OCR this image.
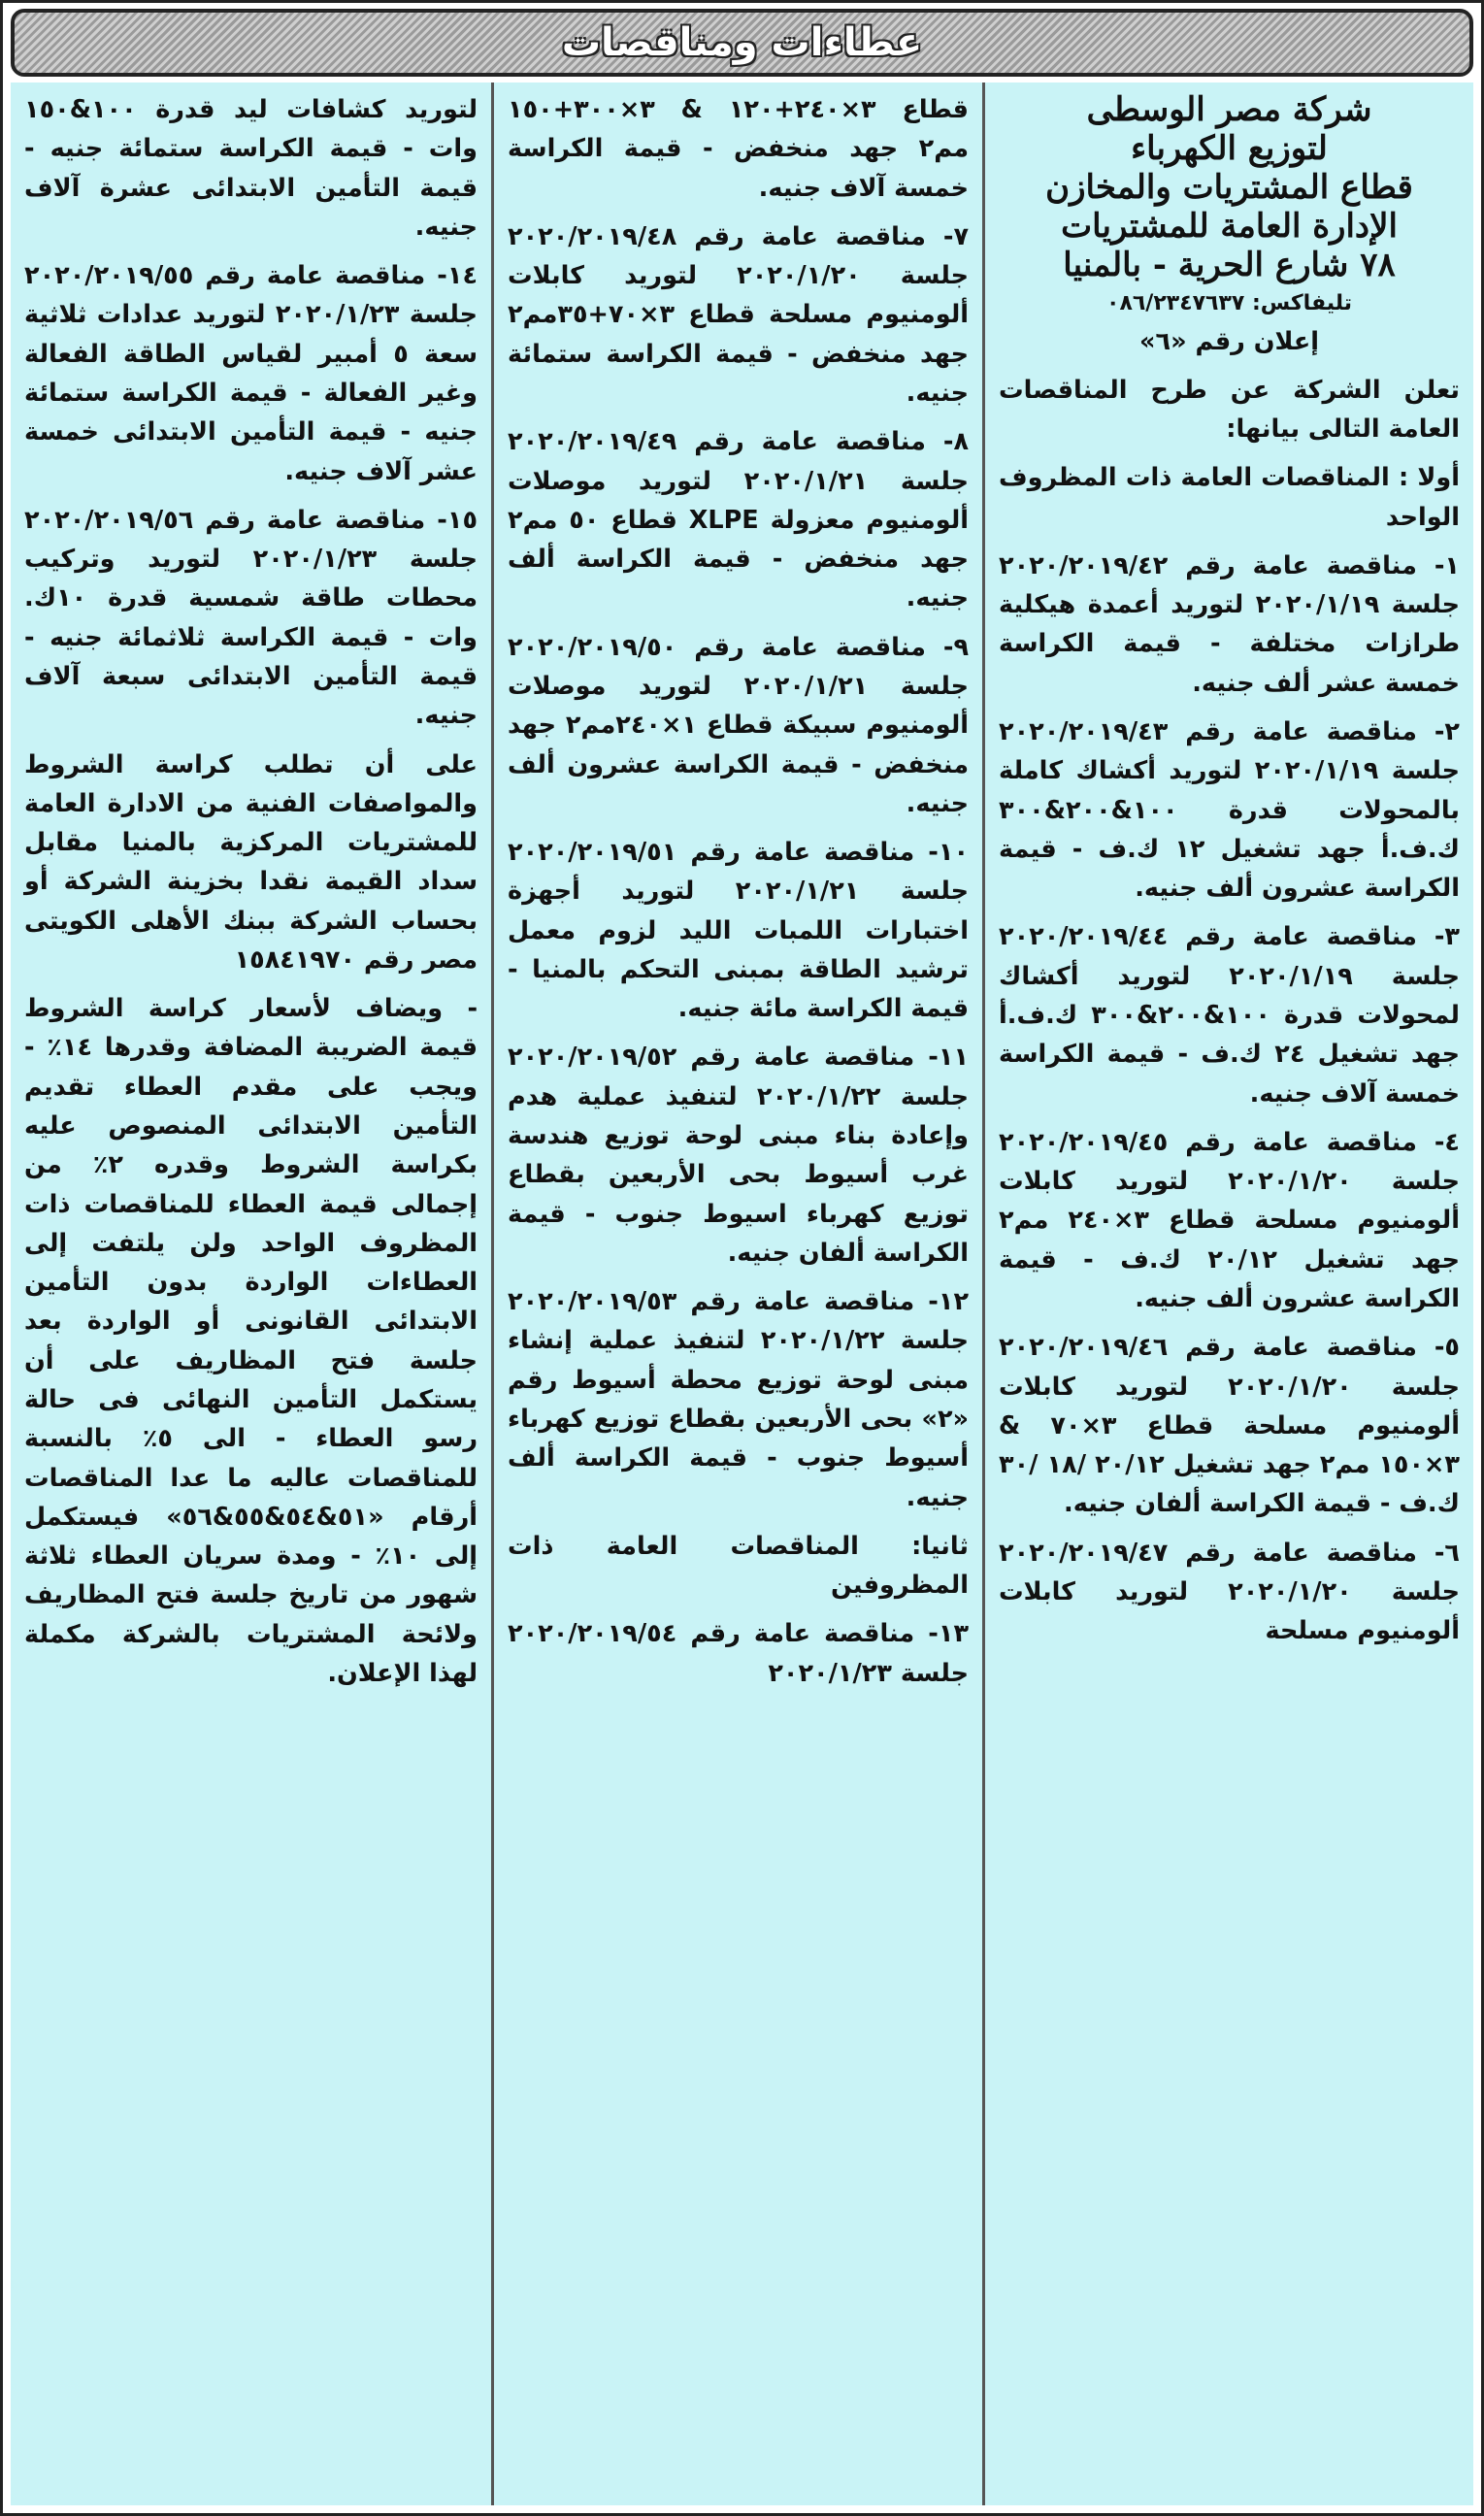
عطاءات ومناقصات
شركة مصر الوسطى
لتوزيع الكهرباء
قطاع المشتريات والمخازن
الإدارة العامة للمشتريات
٧٨ شارع الحرية - بالمنيا
تليفاكس: ٠٨٦/٢٣٤٧٦٣٧

إعلان رقم «٦»

تعلن الشركة عن طرح المناقصات العامة التالى بيانها:

أولا : المناقصات العامة ذات المظروف الواحد

١- مناقصة عامة رقم ٢٠٢٠/٢٠١٩/٤٢ جلسة ٢٠٢٠/١/١٩ لتوريد أعمدة هيكلية طرازات مختلفة - قيمة الكراسة خمسة عشر ألف جنيه.

٢- مناقصة عامة رقم ٢٠٢٠/٢٠١٩/٤٣ جلسة ٢٠٢٠/١/١٩ لتوريد أكشاك كاملة بالمحولات قدرة ١٠٠&٢٠٠&٣٠٠ ك.ف.أ جهد تشغيل ١٢ ك.ف - قيمة الكراسة عشرون ألف جنيه.

٣- مناقصة عامة رقم ٢٠٢٠/٢٠١٩/٤٤ جلسة ٢٠٢٠/١/١٩ لتوريد أكشاك لمحولات قدرة ١٠٠&٢٠٠&٣٠٠ ك.ف.أ جهد تشغيل ٢٤ ك.ف - قيمة الكراسة خمسة آلاف جنيه.

٤- مناقصة عامة رقم ٢٠٢٠/٢٠١٩/٤٥ جلسة ٢٠٢٠/١/٢٠ لتوريد كابلات ألومنيوم مسلحة قطاع ٣×٢٤٠ مم٢ جهد تشغيل ٢٠/١٢ ك.ف - قيمة الكراسة عشرون ألف جنيه.

٥- مناقصة عامة رقم ٢٠٢٠/٢٠١٩/٤٦ جلسة ٢٠٢٠/١/٢٠ لتوريد كابلات ألومنيوم مسلحة قطاع ٣×٧٠ & ٣×١٥٠ مم٢ جهد تشغيل ٢٠/١٢ /١٨ /٣٠ ك.ف - قيمة الكراسة ألفان جنيه.

٦- مناقصة عامة رقم ٢٠٢٠/٢٠١٩/٤٧ جلسة ٢٠٢٠/١/٢٠ لتوريد كابلات ألومنيوم مسلحة

قطاع ٣×٢٤٠+١٢٠ & ٣×٣٠٠+١٥٠ مم٢ جهد منخفض - قيمة الكراسة خمسة آلاف جنيه.

٧- مناقصة عامة رقم ٢٠٢٠/٢٠١٩/٤٨ جلسة ٢٠٢٠/١/٢٠ لتوريد كابلات ألومنيوم مسلحة قطاع ٣×٧٠+٣٥مم٢ جهد منخفض - قيمة الكراسة ستمائة جنيه.

٨- مناقصة عامة رقم ٢٠٢٠/٢٠١٩/٤٩ جلسة ٢٠٢٠/١/٢١ لتوريد موصلات ألومنيوم معزولة XLPE قطاع ٥٠ مم٢ جهد منخفض - قيمة الكراسة ألف جنيه.

٩- مناقصة عامة رقم ٢٠٢٠/٢٠١٩/٥٠ جلسة ٢٠٢٠/١/٢١ لتوريد موصلات ألومنيوم سبيكة قطاع ١×٢٤٠مم٢ جهد منخفض - قيمة الكراسة عشرون ألف جنيه.

١٠- مناقصة عامة رقم ٢٠٢٠/٢٠١٩/٥١ جلسة ٢٠٢٠/١/٢١ لتوريد أجهزة اختبارات اللمبات الليد لزوم معمل ترشيد الطاقة بمبنى التحكم بالمنيا - قيمة الكراسة مائة جنيه.

١١- مناقصة عامة رقم ٢٠٢٠/٢٠١٩/٥٢ جلسة ٢٠٢٠/١/٢٢ لتنفيذ عملية هدم وإعادة بناء مبنى لوحة توزيع هندسة غرب أسيوط بحى الأربعين بقطاع توزيع كهرباء اسيوط جنوب - قيمة الكراسة ألفان جنيه.

١٢- مناقصة عامة رقم ٢٠٢٠/٢٠١٩/٥٣ جلسة ٢٠٢٠/١/٢٢ لتنفيذ عملية إنشاء مبنى لوحة توزيع محطة أسيوط رقم «٢» بحى الأربعين بقطاع توزيع كهرباء أسيوط جنوب - قيمة الكراسة ألف جنيه.

ثانيا: المناقصات العامة ذات المظروفين

١٣- مناقصة عامة رقم ٢٠٢٠/٢٠١٩/٥٤ جلسة ٢٠٢٠/١/٢٣

لتوريد كشافات ليد قدرة ١٠٠&١٥٠ وات - قيمة الكراسة ستمائة جنيه - قيمة التأمين الابتدائى عشرة آلاف جنيه.

١٤- مناقصة عامة رقم ٢٠٢٠/٢٠١٩/٥٥ جلسة ٢٠٢٠/١/٢٣ لتوريد عدادات ثلاثية سعة ٥ أمبير لقياس الطاقة الفعالة وغير الفعالة - قيمة الكراسة ستمائة جنيه - قيمة التأمين الابتدائى خمسة عشر آلاف جنيه.

١٥- مناقصة عامة رقم ٢٠٢٠/٢٠١٩/٥٦ جلسة ٢٠٢٠/١/٢٣ لتوريد وتركيب محطات طاقة شمسية قدرة ١٠ك. وات - قيمة الكراسة ثلاثمائة جنيه - قيمة التأمين الابتدائى سبعة آلاف جنيه.

على أن تطلب كراسة الشروط والمواصفات الفنية من الادارة العامة للمشتريات المركزية بالمنيا مقابل سداد القيمة نقدا بخزينة الشركة أو بحساب الشركة ببنك الأهلى الكويتى مصر رقم ١٥٨٤١٩٧٠

- ويضاف لأسعار كراسة الشروط قيمة الضريبة المضافة وقدرها ١٤٪ - ويجب على مقدم العطاء تقديم التأمين الابتدائى المنصوص عليه بكراسة الشروط وقدره ٢٪ من إجمالى قيمة العطاء للمناقصات ذات المظروف الواحد ولن يلتفت إلى العطاءات الواردة بدون التأمين الابتدائى القانونى أو الواردة بعد جلسة فتح المظاريف على أن يستكمل التأمين النهائى فى حالة رسو العطاء - الى ٥٪ بالنسبة للمناقصات عاليه ما عدا المناقصات أرقام «٥١&٥٤&٥٥&٥٦» فيستكمل إلى ١٠٪ - ومدة سريان العطاء ثلاثة شهور من تاريخ جلسة فتح المظاريف ولائحة المشتريات بالشركة مكملة لهذا الإعلان.
